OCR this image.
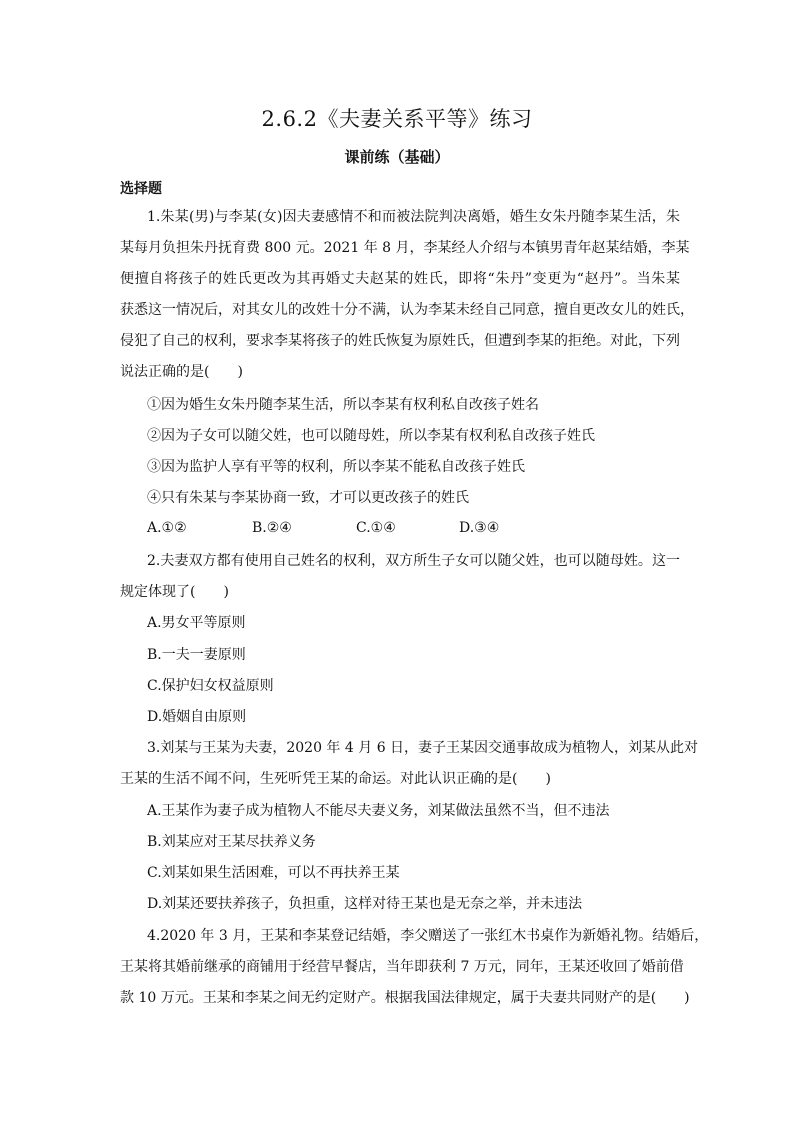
2.6.2《夫妻关系平等》练习
课前练（基础）
选择题
1.朱某(男)与李某(女)因夫妻感情不和而被法院判决离婚，婚生女朱丹随李某生活，朱
某每月负担朱丹抚育费 800 元。2021 年 8 月，李某经人介绍与本镇男青年赵某结婚，李某
便擅自将孩子的姓氏更改为其再婚丈夫赵某的姓氏，即将“朱丹”变更为“赵丹”。当朱某
获悉这一情况后，对其女儿的改姓十分不满，认为李某未经自己同意，擅自更改女儿的姓氏，
侵犯了自己的权利，要求李某将孩子的姓氏恢复为原姓氏，但遭到李某的拒绝。对此，下列
说法正确的是(　　)
①因为婚生女朱丹随李某生活，所以李某有权利私自改孩子姓名
②因为子女可以随父姓，也可以随母姓，所以李某有权利私自改孩子姓氏
③因为监护人享有平等的权利，所以李某不能私自改孩子姓氏
④只有朱某与李某协商一致，才可以更改孩子的姓氏
A.①②	B.②④	C.①④	D.③④
2.夫妻双方都有使用自己姓名的权利，双方所生子女可以随父姓，也可以随母姓。这一
规定体现了(　　)
A.男女平等原则
B.一夫一妻原则
C.保护妇女权益原则
D.婚姻自由原则
3.刘某与王某为夫妻，2020 年 4 月 6 日，妻子王某因交通事故成为植物人，刘某从此对
王某的生活不闻不问，生死听凭王某的命运。对此认识正确的是(　　)
A.王某作为妻子成为植物人不能尽夫妻义务，刘某做法虽然不当，但不违法
B.刘某应对王某尽扶养义务
C.刘某如果生活困难，可以不再扶养王某
D.刘某还要扶养孩子，负担重，这样对待王某也是无奈之举，并未违法
4.2020 年 3 月，王某和李某登记结婚，李父赠送了一张红木书桌作为新婚礼物。结婚后，
王某将其婚前继承的商铺用于经营早餐店，当年即获利 7 万元，同年，王某还收回了婚前借
款 10 万元。王某和李某之间无约定财产。根据我国法律规定，属于夫妻共同财产的是(　　)
